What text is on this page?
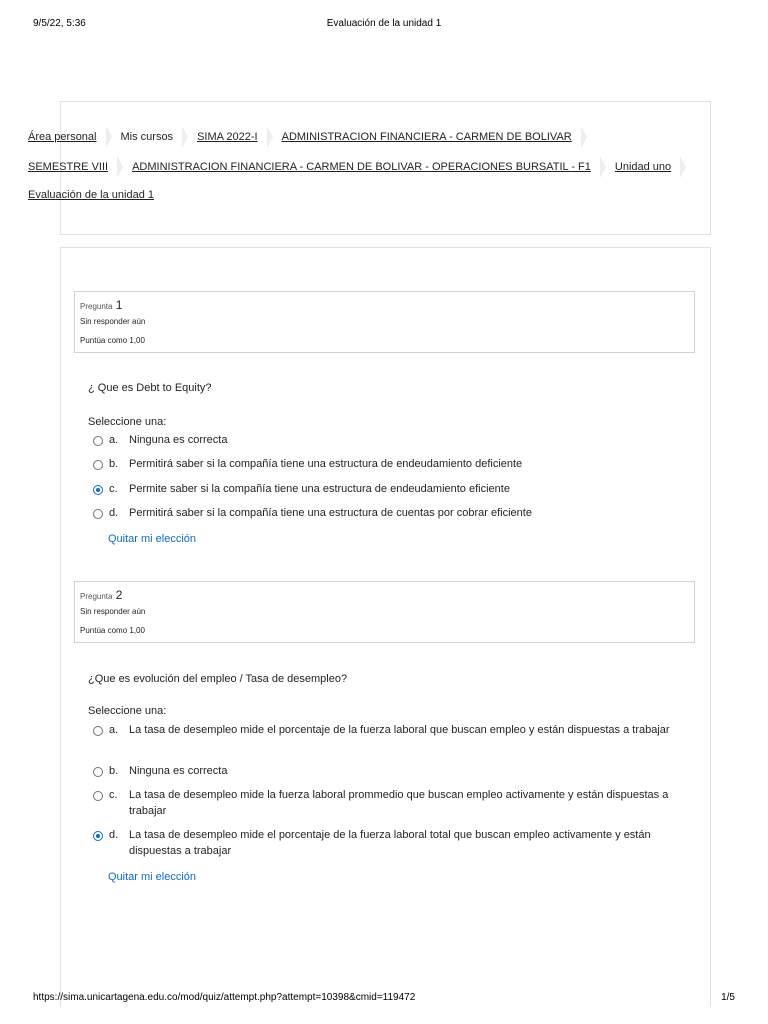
9/5/22, 5:36	Evaluación de la unidad 1
Área personal Mis cursos SIMA 2022-I ADMINISTRACION FINANCIERA - CARMEN DE BOLIVAR
SEMESTRE VIII ADMINISTRACION FINANCIERA - CARMEN DE BOLIVAR - OPERACIONES BURSATIL - F1 Unidad uno
Evaluación de la unidad 1
Pregunta 1
Sin responder aún
Puntúa como 1,00
¿ Que es Debt to Equity?
Seleccione una:
a. Ninguna es correcta
b. Permitirá saber si la compañía tiene una estructura de endeudamiento deficiente
c.	Permite saber si la compañía tiene una estructura de endeudamiento eficiente
d. Permitirá saber si la compañía tiene una estructura de cuentas por cobrar eficiente
Quitar mi elección
Pregunta 2
Sin responder aún
Puntúa como 1,00
¿Que es evolución del empleo / Tasa de desempleo?
Seleccione una:
a. La tasa de desempleo mide el porcentaje de la fuerza laboral que buscan empleo y están dispuestas a trabajar
b. Ninguna es correcta
c.	La tasa de desempleo mide la fuerza laboral prommedio que buscan empleo activamente y están dispuestas a trabajar
d. La tasa de desempleo mide el porcentaje de la fuerza laboral total que buscan empleo activamente y están dispuestas a trabajar
Quitar mi elección
https://sima.unicartagena.edu.co/mod/quiz/attempt.php?attempt=10398&cmid=119472	1/5
